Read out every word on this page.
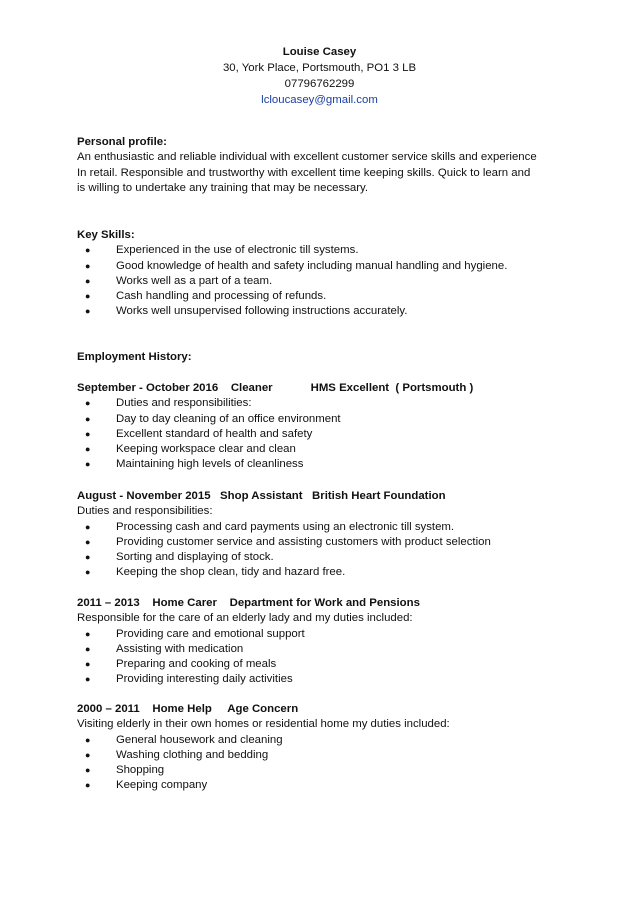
Louise Casey
30, York Place, Portsmouth, PO1 3 LB
07796762299
lcloucasey@gmail.com
Personal profile:
An enthusiastic and reliable individual with excellent customer service skills and experience
In retail. Responsible and trustworthy with excellent time keeping skills. Quick to learn and
is willing to undertake any training that may be necessary.
Key Skills:
● Experienced in the use of electronic till systems.
● Good knowledge of health and safety including manual handling and hygiene.
● Works well as a part of a team.
● Cash handling and processing of refunds.
● Works well unsupervised following instructions accurately.
Employment History:
September - October 2016    Cleaner            HMS Excellent  ( Portsmouth )
● Duties and responsibilities:
● Day to day cleaning of an office environment
● Excellent standard of health and safety
● Keeping workspace clear and clean
● Maintaining high levels of cleanliness
August - November 2015   Shop Assistant   British Heart Foundation
Duties and responsibilities:
● Processing cash and card payments using an electronic till system.
● Providing customer service and assisting customers with product selection
● Sorting and displaying of stock.
● Keeping the shop clean, tidy and hazard free.
2011 – 2013    Home Carer    Department for Work and Pensions
Responsible for the care of an elderly lady and my duties included:
● Providing care and emotional support
● Assisting with medication
● Preparing and cooking of meals
● Providing interesting daily activities
2000 – 2011    Home Help     Age Concern
Visiting elderly in their own homes or residential home my duties included:
● General housework and cleaning
● Washing clothing and bedding
● Shopping
● Keeping company
